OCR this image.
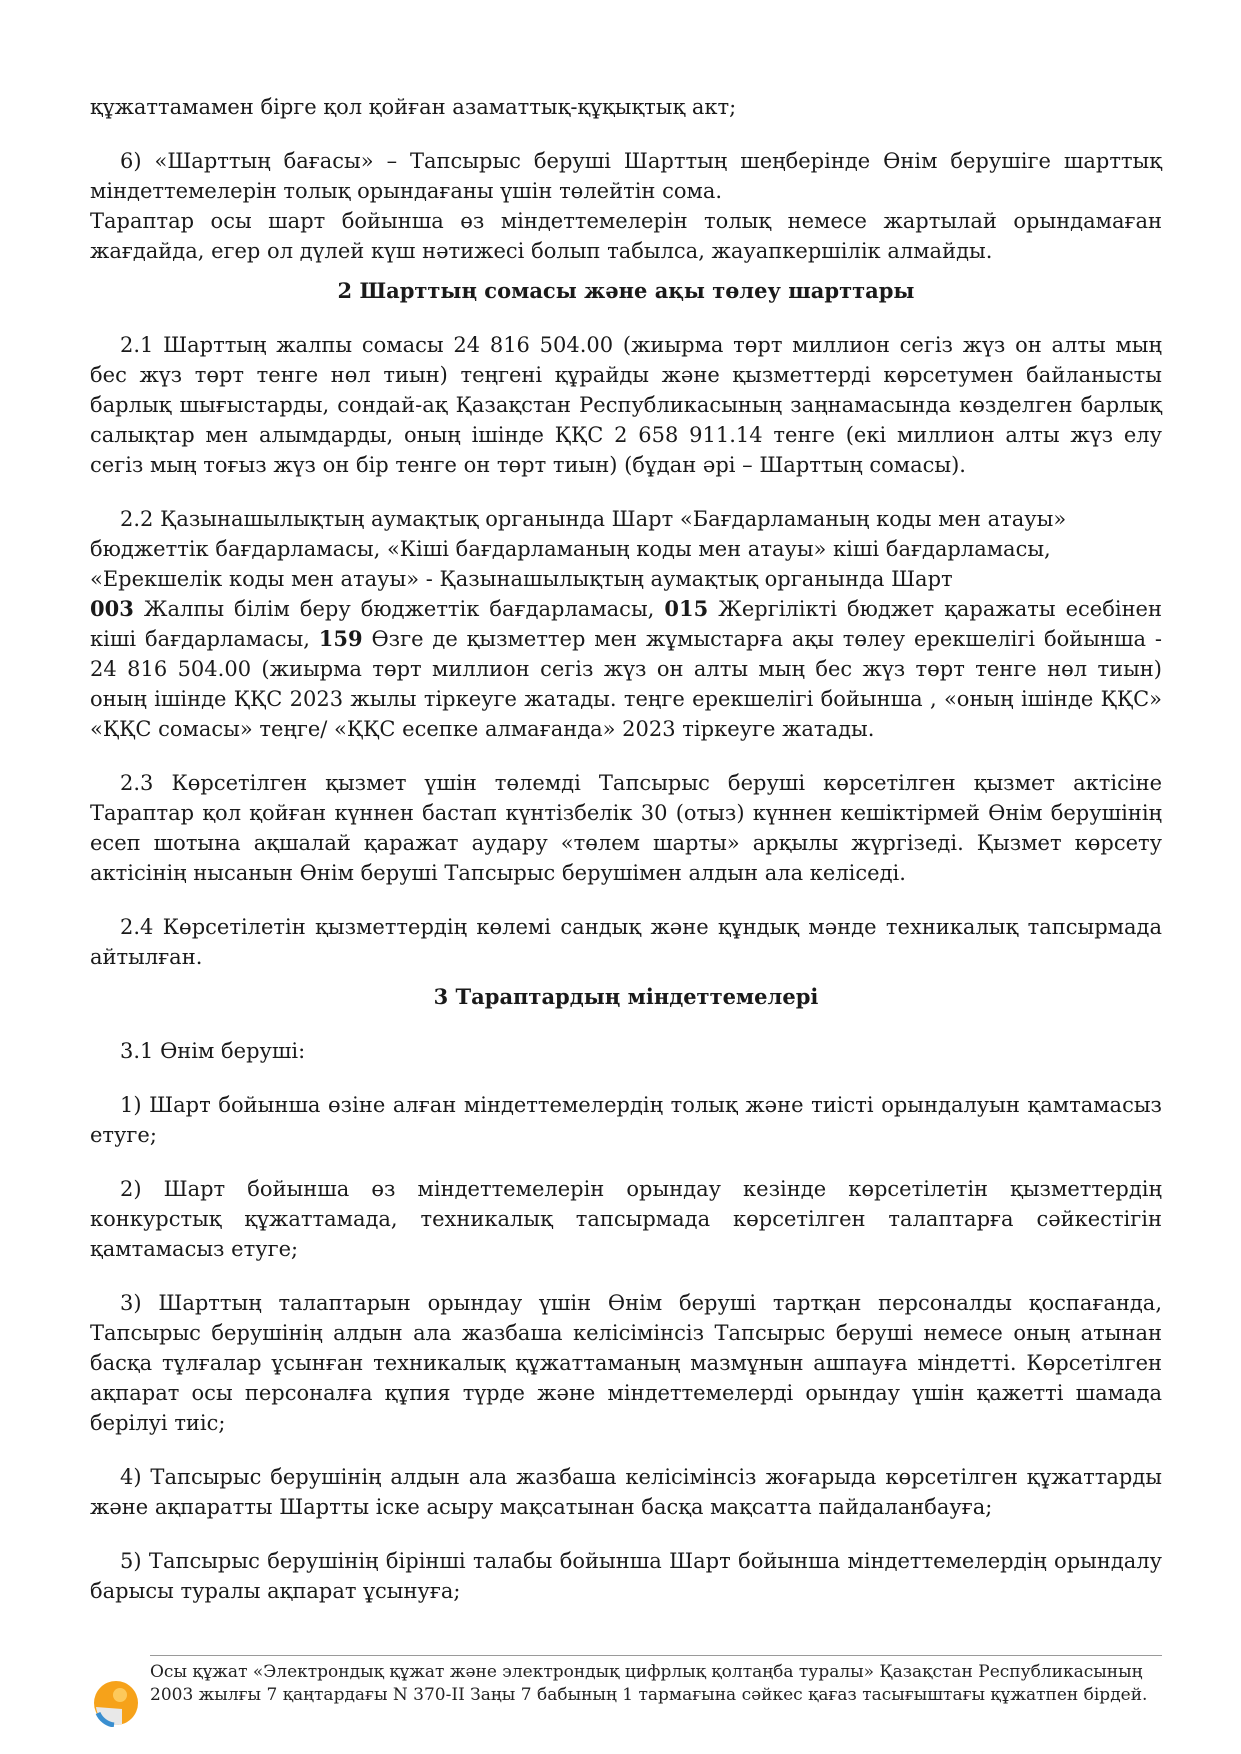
құжаттамамен бірге қол қойған азаматтық-құқықтық акт;

6) «Шарттың бағасы» – Тапсырыс беруші Шарттың шеңберінде Өнім берушіге шарттық міндеттемелерін толық орындағаны үшін төлейтін сома.

Тараптар осы шарт бойынша өз міндеттемелерін толық немесе жартылай орындамаған жағдайда, егер ол дүлей күш нәтижесі болып табылса, жауапкершілік алмайды.

2 Шарттың сомасы және ақы төлеу шарттары

2.1 Шарттың жалпы сомасы 24 816 504.00 (жиырма төрт миллион сегіз жүз он алты мың бес жүз төрт тенге нөл тиын) теңгені құрайды және қызметтерді көрсетумен байланысты барлық шығыстарды, сондай-ақ Қазақстан Республикасының заңнамасында көзделген барлық салықтар мен алымдарды, оның ішінде ҚҚС 2 658 911.14 тенге (екі миллион алты жүз елу сегіз мың тоғыз жүз он бір тенге он төрт тиын) (бұдан әрі – Шарттың сомасы).

2.2 Қазынашылықтың аумақтық органында Шарт «Бағдарламаның коды мен атауы» бюджеттік бағдарламасы, «Кіші бағдарламаның коды мен атауы» кіші бағдарламасы, «Ерекшелік коды мен атауы» - Қазынашылықтың аумақтық органында Шарт

003 Жалпы білім беру бюджеттік бағдарламасы, 015 Жергілікті бюджет қаражаты есебінен кіші бағдарламасы, 159 Өзге де қызметтер мен жұмыстарға ақы төлеу ерекшелігі бойынша - 24 816 504.00 (жиырма төрт миллион сегіз жүз он алты мың бес жүз төрт тенге нөл тиын) оның ішінде ҚҚС 2023 жылы тіркеуге жатады. теңге ерекшелігі бойынша , «оның ішінде ҚҚС» «ҚҚС сомасы» теңге/ «ҚҚС есепке алмағанда» 2023 тіркеуге жатады.

2.3 Көрсетілген қызмет үшін төлемді Тапсырыс беруші көрсетілген қызмет актісіне Тараптар қол қойған күннен бастап күнтізбелік 30 (отыз) күннен кешіктірмей Өнім берушінің есеп шотына ақшалай қаражат аудару «төлем шарты» арқылы жүргізеді. Қызмет көрсету актісінің нысанын Өнім беруші Тапсырыс берушімен алдын ала келіседі.

2.4 Көрсетілетін қызметтердің көлемі сандық және құндық мәнде техникалық тапсырмада айтылған.

3 Тараптардың міндеттемелері

3.1 Өнім беруші:

1) Шарт бойынша өзіне алған міндеттемелердің толық және тиісті орындалуын қамтамасыз етуге;

2) Шарт бойынша өз міндеттемелерін орындау кезінде көрсетілетін қызметтердің конкурстық құжаттамада, техникалық тапсырмада көрсетілген талаптарға сәйкестігін қамтамасыз етуге;

3) Шарттың талаптарын орындау үшін Өнім беруші тартқан персоналды қоспағанда, Тапсырыс берушінің алдын ала жазбаша келісімінсіз Тапсырыс беруші немесе оның атынан басқа тұлғалар ұсынған техникалық құжаттаманың мазмұнын ашпауға міндетті. Көрсетілген ақпарат осы персоналға құпия түрде және міндеттемелерді орындау үшін қажетті шамада берілуі тиіс;

4) Тапсырыс берушінің алдын ала жазбаша келісімінсіз жоғарыда көрсетілген құжаттарды және ақпаратты Шартты іске асыру мақсатынан басқа мақсатта пайдаланбауға;

5) Тапсырыс берушінің бірінші талабы бойынша Шарт бойынша міндеттемелердің орындалу барысы туралы ақпарат ұсынуға;

Осы құжат «Электрондық құжат және электрондық цифрлық қолтаңба туралы» Қазақстан Республикасының 2003 жылғы 7 қаңтардағы N 370-II Заңы 7 бабының 1 тармағына сәйкес қағаз тасығыштағы құжатпен бірдей.
